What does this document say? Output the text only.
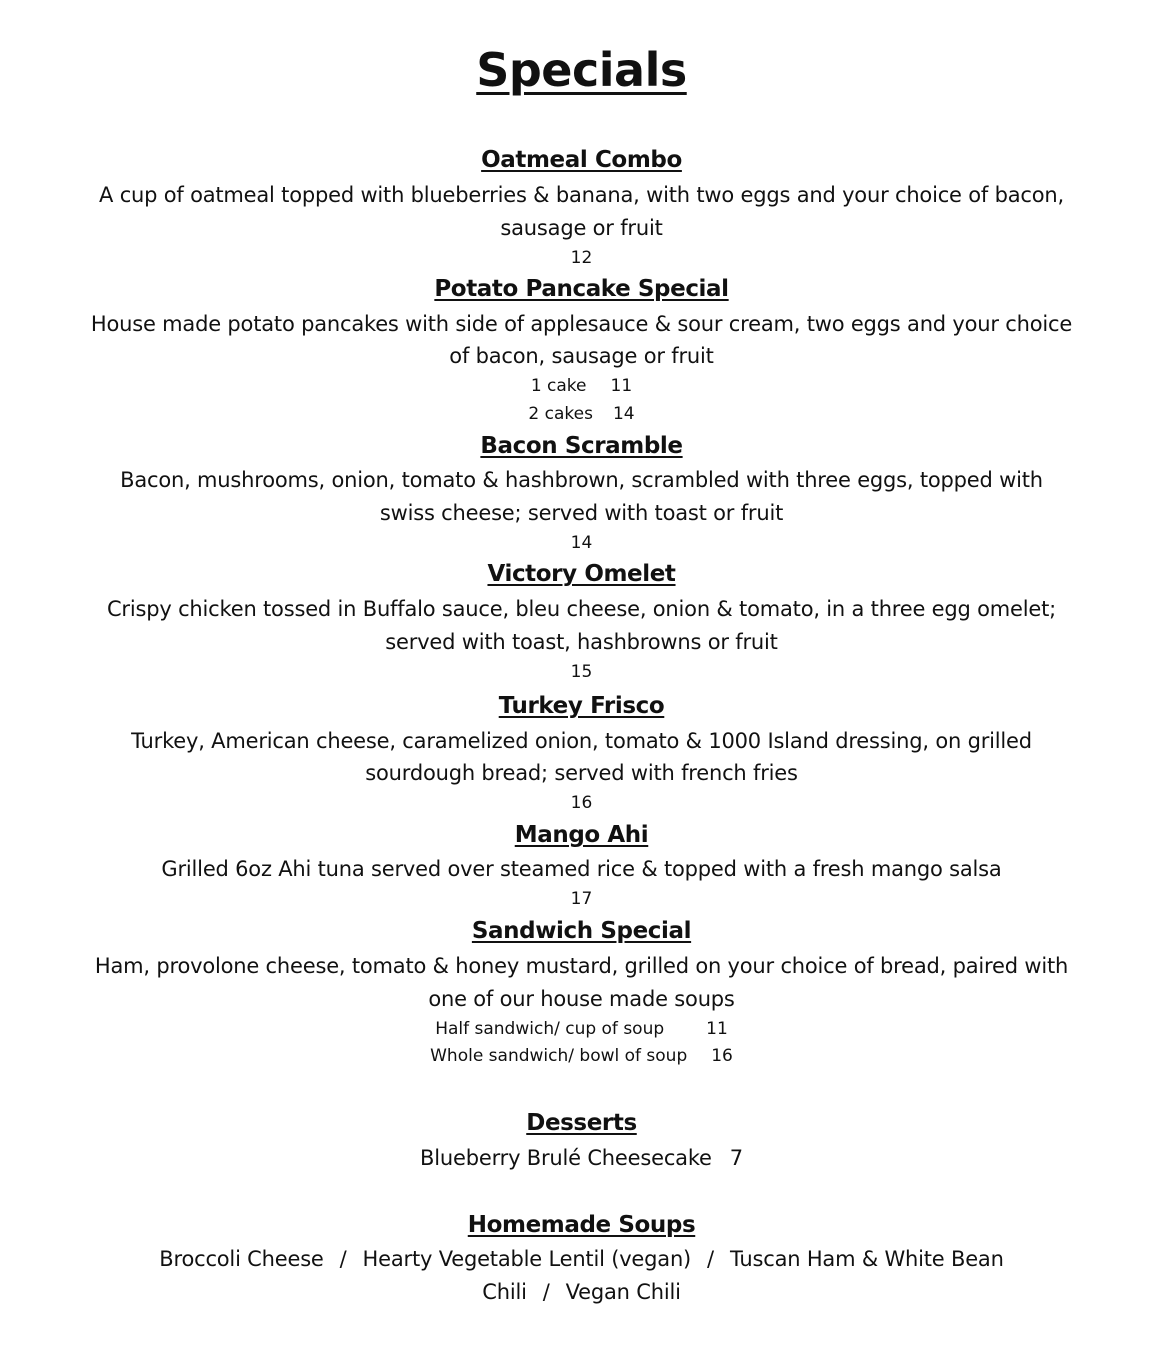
Specials
Oatmeal Combo
A cup of oatmeal topped with blueberries & banana, with two eggs and your choice of bacon,
sausage or fruit
12
Potato Pancake Special
House made potato pancakes with side of applesauce & sour cream, two eggs and your choice
of bacon, sausage or fruit
1 cake 11
2 cakes 14
Bacon Scramble
Bacon, mushrooms, onion, tomato & hashbrown, scrambled with three eggs, topped with
swiss cheese; served with toast or fruit
14
Victory Omelet
Crispy chicken tossed in Buffalo sauce, bleu cheese, onion & tomato, in a three egg omelet;
served with toast, hashbrowns or fruit
15
Turkey Frisco
Turkey, American cheese, caramelized onion, tomato & 1000 Island dressing, on grilled
sourdough bread; served with french fries
16
Mango Ahi
Grilled 6oz Ahi tuna served over steamed rice & topped with a fresh mango salsa
17
Sandwich Special
Ham, provolone cheese, tomato & honey mustard, grilled on your choice of bread, paired with
one of our house made soups
Half sandwich/ cup of soup 11
Whole sandwich/ bowl of soup 16
Desserts
Blueberry Brulé Cheesecake 7
Homemade Soups
Broccoli Cheese / Hearty Vegetable Lentil (vegan) / Tuscan Ham & White Bean
Chili / Vegan Chili
